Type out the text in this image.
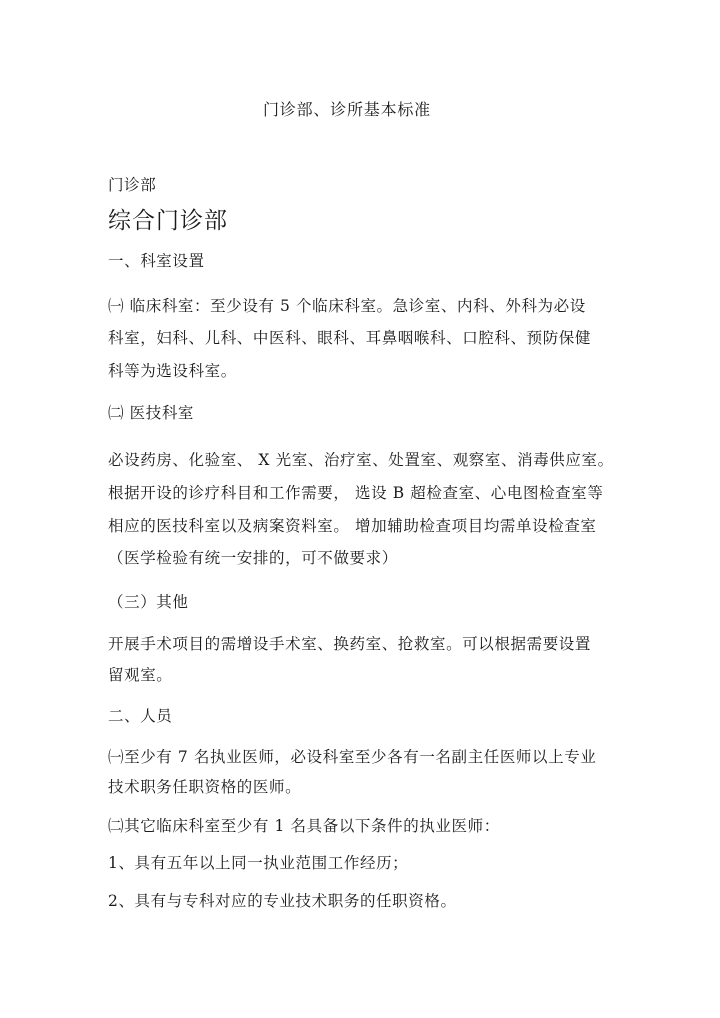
门诊部、诊所基本标准
门诊部
综合门诊部
一、科室设置
㈠ 临床科室：至少设有 5 个临床科室。急诊室、内科、外科为必设
科室，妇科、儿科、中医科、眼科、耳鼻咽喉科、口腔科、预防保健
科等为选设科室。
㈡ 医技科室
必设药房、化验室、 X 光室、治疗室、处置室、观察室、消毒供应室。
根据开设的诊疗科目和工作需要， 选设 B 超检查室、心电图检查室等
相应的医技科室以及病案资料室。 增加辅助检查项目均需单设检查室
（医学检验有统一安排的，可不做要求）
（三）其他
开展手术项目的需增设手术室、换药室、抢救室。可以根据需要设置
留观室。
二、人员
㈠至少有 7 名执业医师，必设科室至少各有一名副主任医师以上专业
技术职务任职资格的医师。
㈡其它临床科室至少有 1 名具备以下条件的执业医师：
1、具有五年以上同一执业范围工作经历；
2、具有与专科对应的专业技术职务的任职资格。
